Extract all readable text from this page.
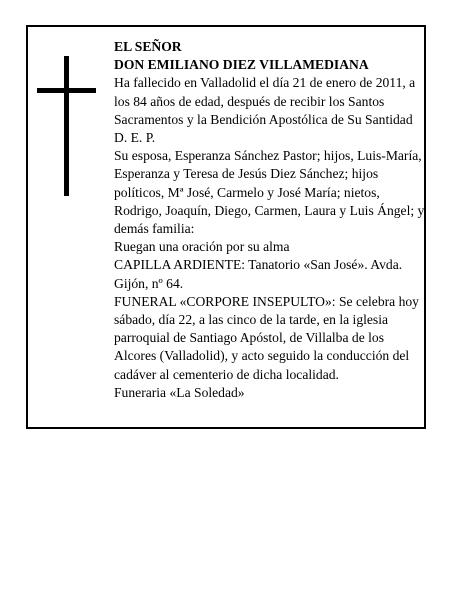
EL SEÑOR

DON EMILIANO DIEZ VILLAMEDIANA

Ha fallecido en Valladolid el día 21 de enero de 2011, a los 84 años de edad, después de recibir los Santos Sacramentos y la Bendición Apostólica de Su Santidad D. E. P.

Su esposa, Esperanza Sánchez Pastor; hijos, Luis-María, Esperanza y Teresa de Jesús Diez Sánchez; hijos políticos, Mª José, Carmelo y José María; nietos, Rodrigo, Joaquín, Diego, Carmen, Laura y Luis Ángel; y demás familia:

Ruegan una oración por su alma

CAPILLA ARDIENTE: Tanatorio «San José». Avda. Gijón, nº 64.

FUNERAL «CORPORE INSEPULTO»: Se celebra hoy sábado, día 22, a las cinco de la tarde, en la iglesia parroquial de Santiago Apóstol, de Villalba de los Alcores (Valladolid), y acto seguido la conducción del cadáver al cementerio de dicha localidad.

Funeraria «La Soledad»
